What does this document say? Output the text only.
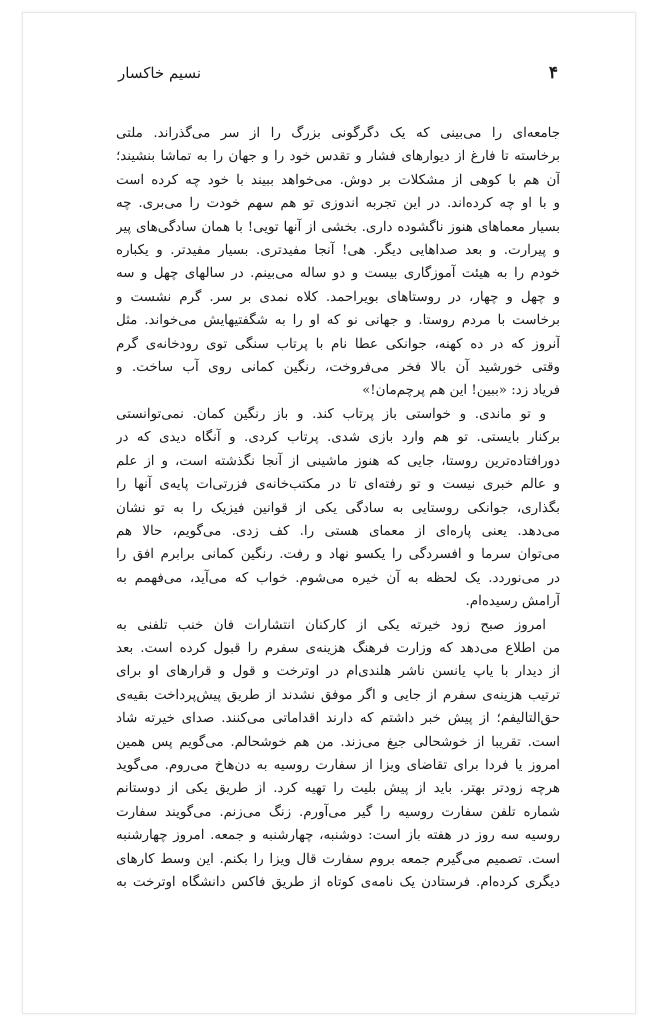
۴
نسیم خاکسار
جامعه‌ای را می‌بینی که یک دگرگونی بزرگ را از سر می‌گذراند. ملتی
برخاسته تا فارغ از دیوارهای فشار و تقدس خود را و جهان را به تماشا بنشیند؛
آن هم با کوهی از مشکلات بر دوش. می‌خواهد ببیند با خود چه کرده است
و با او چه کرده‌اند. در این تجربه اندوزی تو هم سهم خودت را می‌بری. چه
بسیار معماهای هنوز ناگشوده داری. بخشی از آنها تویی! با همان سادگی‌های پیر
و پیرارت. و بعد صداهایی دیگر. هی! آنجا مفیدتری. بسیار مفیدتر. و یکباره
خودم را به هیئت آموزگاری بیست و دو ساله می‌بینم. در سالهای چهل و سه
و چهل و چهار، در روستاهای بویراحمد. کلاه نمدی بر سر. گرم نشست و
برخاست با مردم روستا. و جهانی نو که او را به شگفتیهایش می‌خواند. مثل
آنروز که در ده کهنه، جوانکی عطا نام با پرتاب سنگی توی رودخانه‌ی گرم
وقتی خورشید آن بالا فخر می‌فروخت، رنگین کمانی روی آب ساخت. و
فریاد زد: «ببین! این هم پرچم‌مان!»
و تو ماندی. و خواستی باز پرتاب کند. و باز رنگین کمان. نمی‌توانستی
برکنار بایستی. تو هم وارد بازی شدی. پرتاب کردی. و آنگاه دیدی که در
دورافتاده‌ترین روستا، جایی که هنوز ماشینی از آنجا نگذشته است، و از علم
و عالم خبری نیست و تو رفته‌ای تا در مکتب‌خانه‌ی فزرتی‌ات پایه‌ی آنها را
بگذاری، جوانکی روستایی به سادگی یکی از قوانین فیزیک را به تو نشان
می‌دهد. یعنی پاره‌ای از معمای هستی را. کف زدی. می‌گویم، حالا هم
می‌توان سرما و افسردگی را یکسو نهاد و رفت. رنگین کمانی برابرم افق را
در می‌نوردد. یک لحظه به آن خیره می‌شوم. خواب که می‌آید، می‌فهمم به
آرامش رسیده‌ام.
امروز صبح زود خیرته یکی از کارکنان انتشارات فان خنب تلفنی به
من اطلاع می‌دهد که وزارت فرهنگ هزینه‌ی سفرم را قبول کرده است. بعد
از دیدار با یاپ یانسن ناشر هلندی‌ام در اوترخت و قول و قرارهای او برای
ترتیب هزینه‌ی سفرم از جایی و اگر موفق نشدند از طریق پیش‌پرداخت بقیه‌ی
حق‌التالیفم؛ از پیش خبر داشتم که دارند اقداماتی می‌کنند. صدای خیرته شاد
است. تقریبا از خوشحالی جیغ می‌زند. من هم خوشحالم. می‌گویم پس همین
امروز یا فردا برای تقاضای ویزا از سفارت روسیه به دن‌هاخ می‌روم. می‌گوید
هرچه زودتر بهتر. باید از پیش بلیت را تهیه کرد. از طریق یکی از دوستانم
شماره تلفن سفارت روسیه را گیر می‌آورم. زنگ می‌زنم. می‌گویند سفارت
روسیه سه روز در هفته باز است: دوشنبه، چهارشنبه و جمعه. امروز چهارشنبه
است. تصمیم می‌گیرم جمعه بروم سفارت قال ویزا را بکنم. این وسط کارهای
دیگری کرده‌ام. فرستادن یک نامه‌ی کوتاه از طریق فاکس دانشگاه اوترخت به
